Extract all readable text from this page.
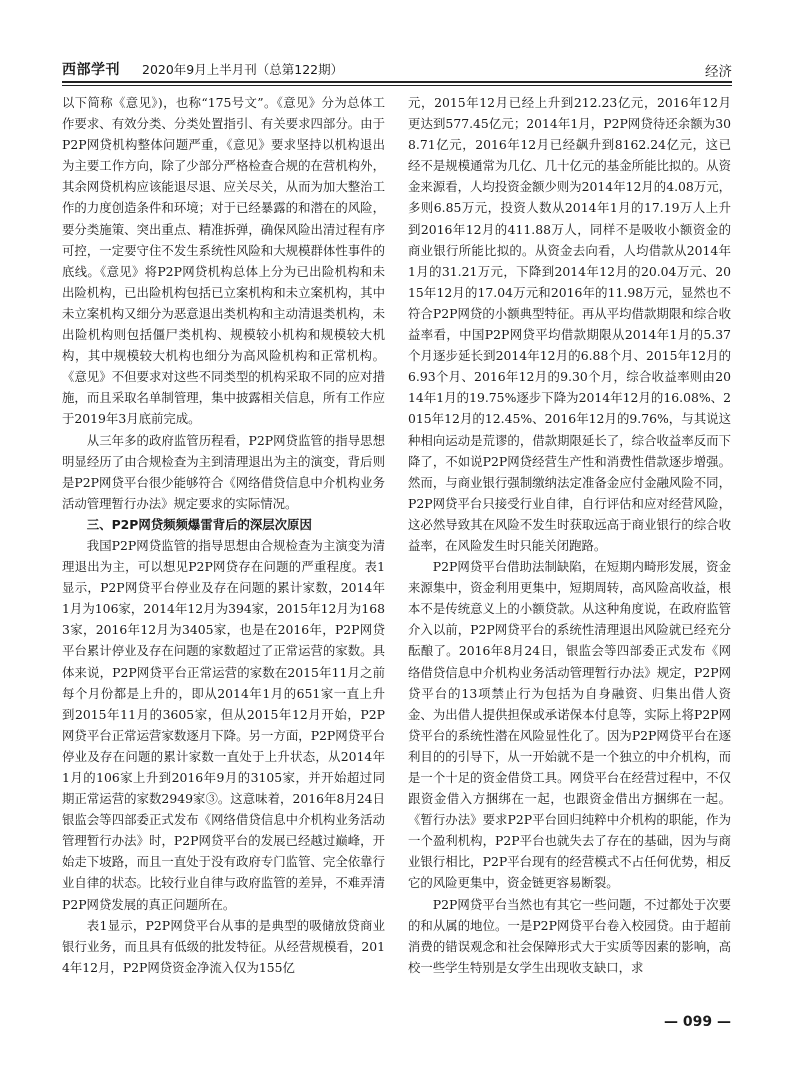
西部学刊 2020年9月上半月刊（总第122期）	经济

以下简称《意见》)，也称“175号文”。《意见》分为总体工作要求、有效分类、分类处置指引、有关要求四部分。由于P2P网贷机构整体问题严重，《意见》要求坚持以机构退出为主要工作方向，除了少部分严格检查合规的在营机构外，其余网贷机构应该能退尽退、应关尽关，从而为加大整治工作的力度创造条件和环境；对于已经暴露的和潜在的风险，要分类施策、突出重点、精准拆弹，确保风险出清过程有序可控，一定要守住不发生系统性风险和大规模群体性事件的底线。《意见》将P2P网贷机构总体上分为已出险机构和未出险机构，已出险机构包括已立案机构和未立案机构，其中未立案机构又细分为恶意退出类机构和主动清退类机构，未出险机构则包括僵尸类机构、规模较小机构和规模较大机构，其中规模较大机构也细分为高风险机构和正常机构。《意见》不但要求对这些不同类型的机构采取不同的应对措施，而且采取名单制管理，集中披露相关信息，所有工作应于2019年3月底前完成。

从三年多的政府监管历程看，P2P网贷监管的指导思想明显经历了由合规检查为主到清理退出为主的演变，背后则是P2P网贷平台很少能够符合《网络借贷信息中介机构业务活动管理暂行办法》规定要求的实际情况。

三、P2P网贷频频爆雷背后的深层次原因

我国P2P网贷监管的指导思想由合规检查为主演变为清理退出为主，可以想见P2P网贷存在问题的严重程度。表1显示，P2P网贷平台停业及存在问题的累计家数，2014年1月为106家，2014年12月为394家，2015年12月为1683家，2016年12月为3405家，也是在2016年，P2P网贷平台累计停业及存在问题的家数超过了正常运营的家数。具体来说，P2P网贷平台正常运营的家数在2015年11月之前每个月份都是上升的，即从2014年1月的651家一直上升到2015年11月的3605家，但从2015年12月开始，P2P网贷平台正常运营家数逐月下降。另一方面，P2P网贷平台停业及存在问题的累计家数一直处于上升状态，从2014年1月的106家上升到2016年9月的3105家，并开始超过同期正常运营的家数2949家③。这意味着，2016年8月24日银监会等四部委正式发布《网络借贷信息中介机构业务活动管理暂行办法》时，P2P网贷平台的发展已经越过巅峰，开始走下坡路，而且一直处于没有政府专门监管、完全依靠行业自律的状态。比较行业自律与政府监管的差异，不难弄清P2P网贷发展的真正问题所在。

表1显示，P2P网贷平台从事的是典型的吸储放贷商业银行业务，而且具有低级的批发特征。从经营规模看，2014年12月，P2P网贷资金净流入仅为155亿

元，2015年12月已经上升到212.23亿元，2016年12月更达到577.45亿元；2014年1月，P2P网贷待还余额为308.71亿元，2016年12月已经飙升到8162.24亿元，这已经不是规模通常为几亿、几十亿元的基金所能比拟的。从资金来源看，人均投资金额少则为2014年12月的4.08万元，多则6.85万元，投资人数从2014年1月的17.19万人上升到2016年12月的411.88万人，同样不是吸收小额资金的商业银行所能比拟的。从资金去向看，人均借款从2014年1月的31.21万元，下降到2014年12月的20.04万元、2015年12月的17.04万元和2016年的11.98万元，显然也不符合P2P网贷的小额典型特征。再从平均借款期限和综合收益率看，中国P2P网贷平均借款期限从2014年1月的5.37个月逐步延长到2014年12月的6.88个月、2015年12月的6.93个月、2016年12月的9.30个月，综合收益率则由2014年1月的19.75%逐步下降为2014年12月的16.08%、2015年12月的12.45%、2016年12月的9.76%，与其说这种相向运动是荒谬的，借款期限延长了，综合收益率反而下降了，不如说P2P网贷经营生产性和消费性借款逐步增强。然而，与商业银行强制缴纳法定准备金应付金融风险不同，P2P网贷平台只接受行业自律，自行评估和应对经营风险，这必然导致其在风险不发生时获取远高于商业银行的综合收益率，在风险发生时只能关闭跑路。

P2P网贷平台借助法制缺陷，在短期内畸形发展，资金来源集中，资金利用更集中，短期周转，高风险高收益，根本不是传统意义上的小额贷款。从这种角度说，在政府监管介入以前，P2P网贷平台的系统性清理退出风险就已经充分酝酿了。2016年8月24日，银监会等四部委正式发布《网络借贷信息中介机构业务活动管理暂行办法》规定，P2P网贷平台的13项禁止行为包括为自身融资、归集出借人资金、为出借人提供担保或承诺保本付息等，实际上将P2P网贷平台的系统性潜在风险显性化了。因为P2P网贷平台在逐利目的的引导下，从一开始就不是一个独立的中介机构，而是一个十足的资金借贷工具。网贷平台在经营过程中，不仅跟资金借入方捆绑在一起，也跟资金借出方捆绑在一起。《暂行办法》要求P2P平台回归纯粹中介机构的职能，作为一个盈利机构，P2P平台也就失去了存在的基础，因为与商业银行相比，P2P平台现有的经营模式不占任何优势，相反它的风险更集中，资金链更容易断裂。

P2P网贷平台当然也有其它一些问题，不过都处于次要的和从属的地位。一是P2P网贷平台卷入校园贷。由于超前消费的错误观念和社会保障形式大于实质等因素的影响，高校一些学生特别是女学生出现收支缺口，求

— 099 —
